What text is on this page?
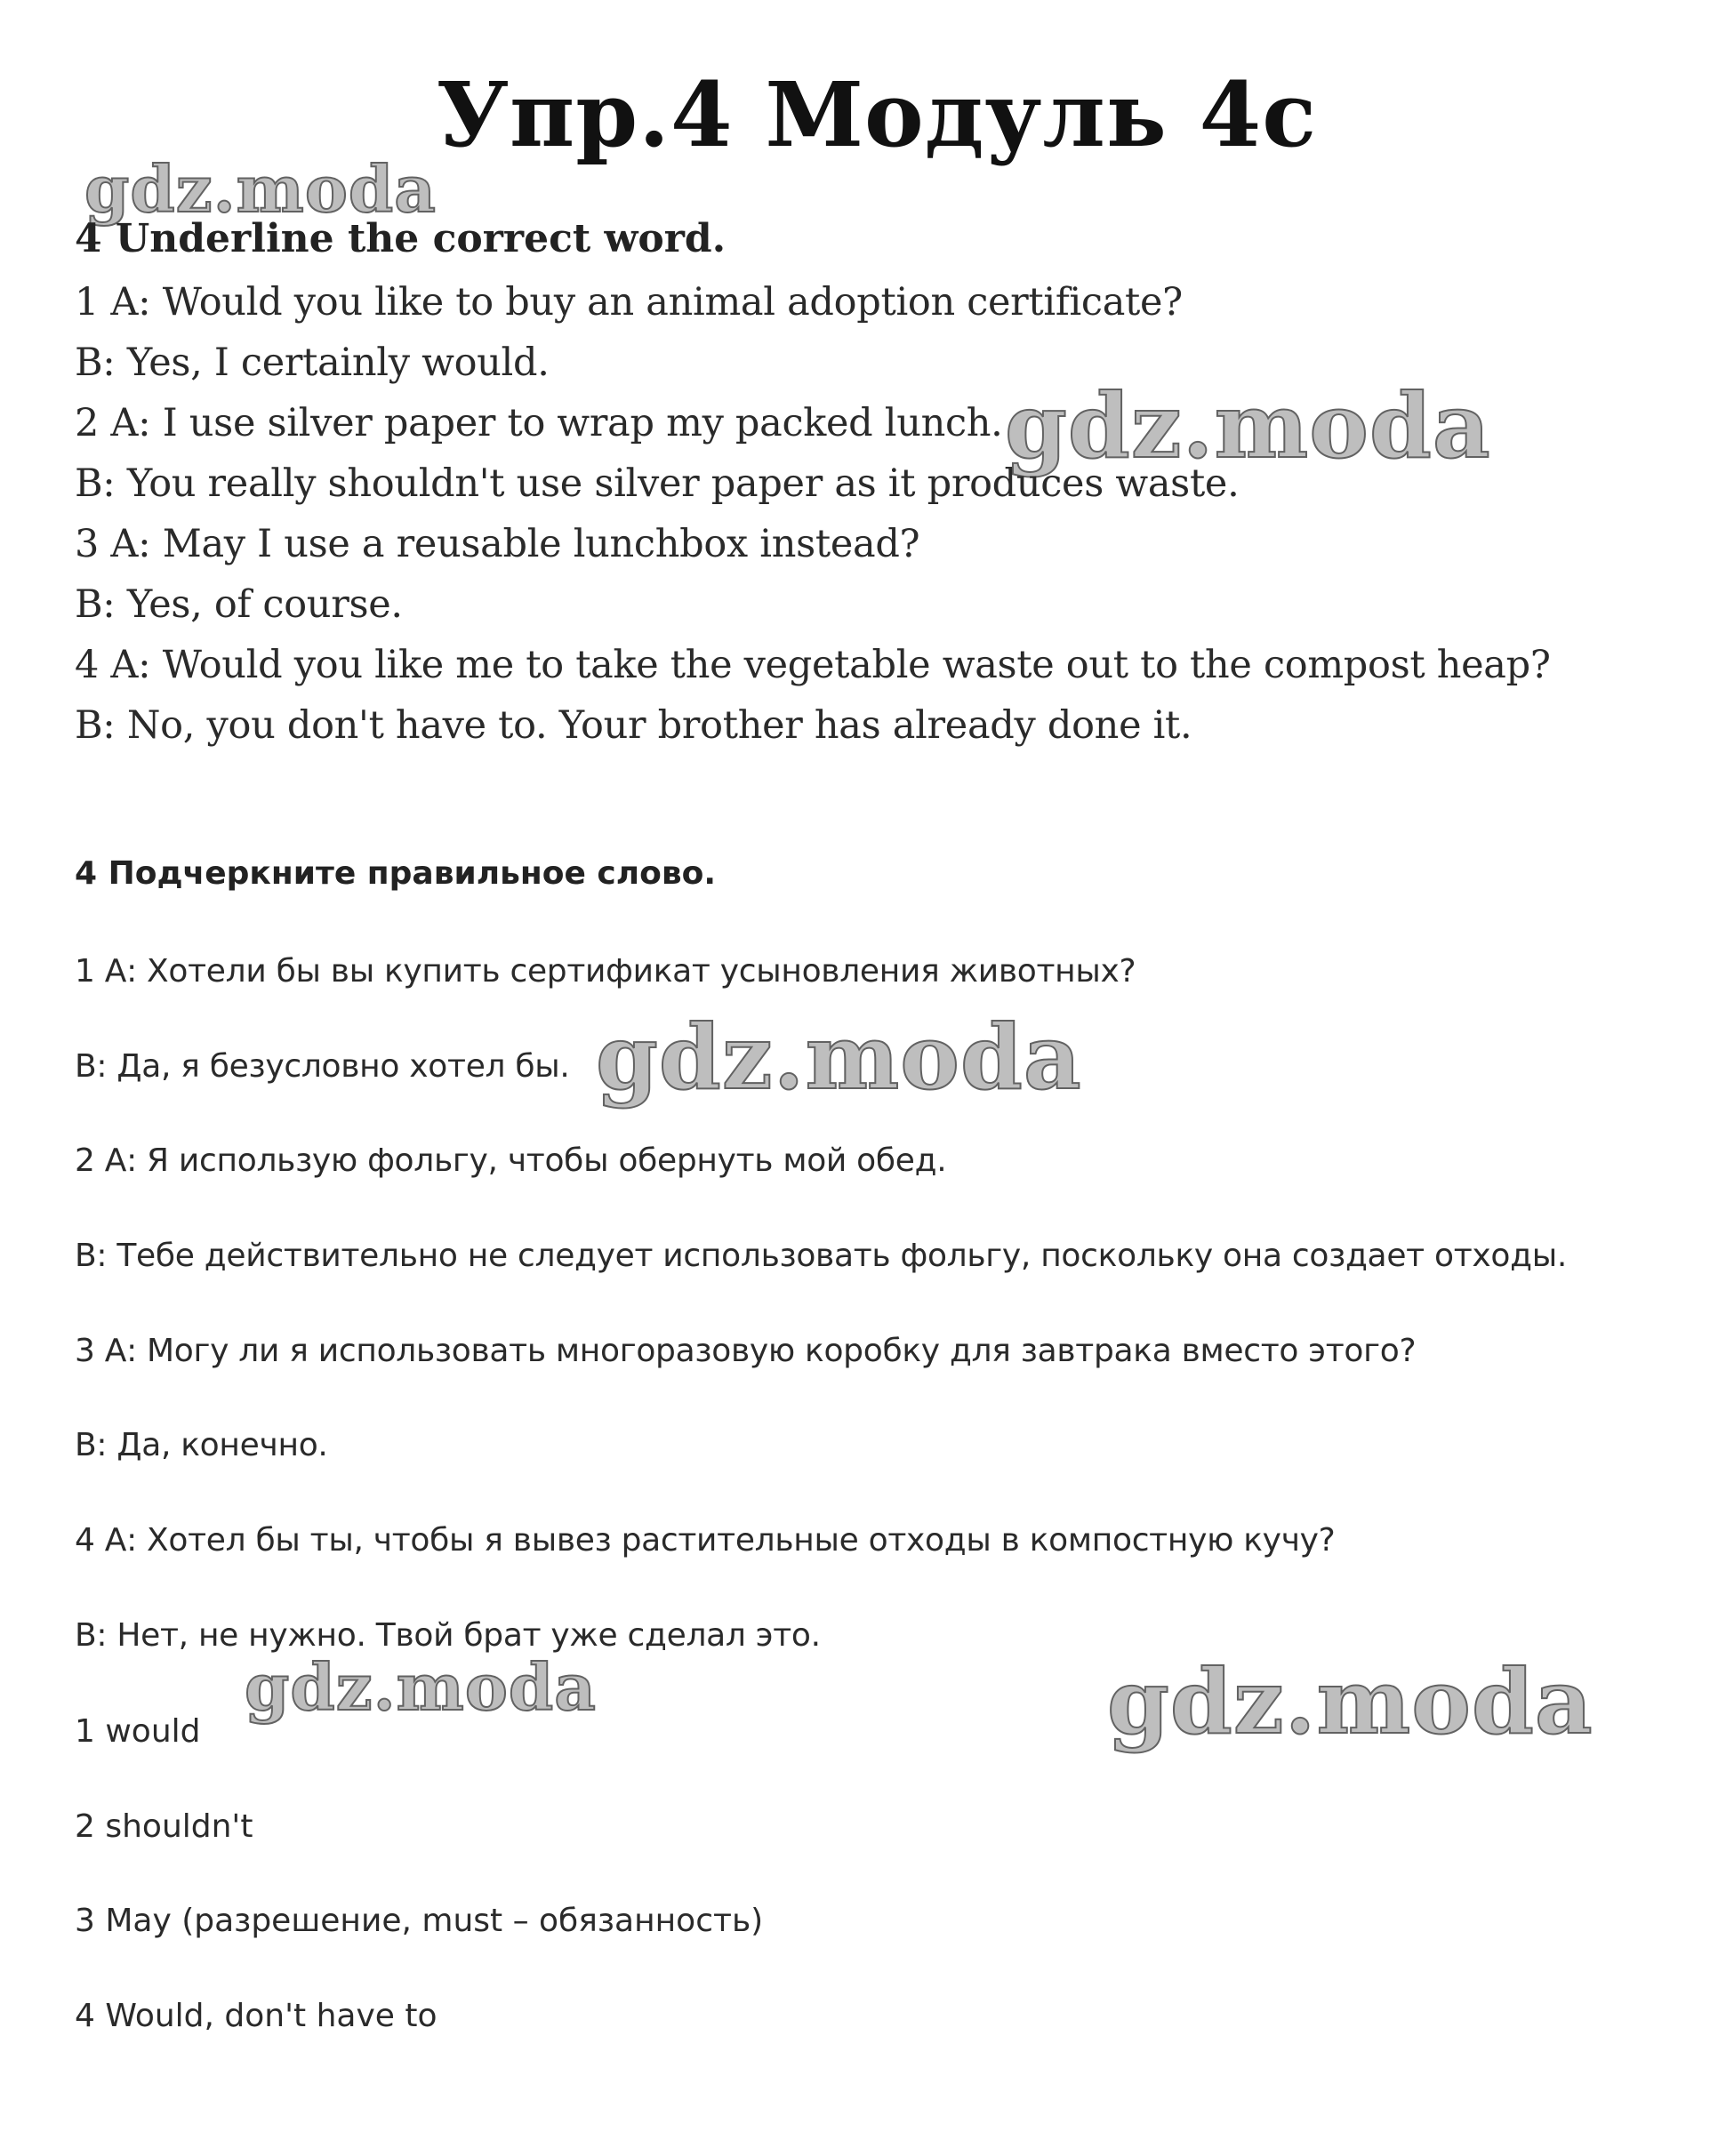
Упр.4 Модуль 4c
gdz.moda
gdz.moda
gdz.moda
gdz.moda	gdz.moda
4 Underline the correct word.
1 A: Would you like to buy an animal adoption certificate?
B: Yes, I certainly would.
2 A: I use silver paper to wrap my packed lunch.
B: You really shouldn't use silver paper as it produces waste.
3 A: May I use a reusable lunchbox instead?
B: Yes, of course.
4 A: Would you like me to take the vegetable waste out to the compost heap?
B: No, you don't have to. Your brother has already done it.
4 Подчеркните правильное слово.
1 А: Хотели бы вы купить сертификат усыновления животных?
В: Да, я безусловно хотел бы.
2 А: Я использую фольгу, чтобы обернуть мой обед.
В: Тебе действительно не следует использовать фольгу, поскольку она создает отходы.
3 А: Могу ли я использовать многоразовую коробку для завтрака вместо этого?
В: Да, конечно.
4 А: Хотел бы ты, чтобы я вывез растительные отходы в компостную кучу?
В: Нет, не нужно. Твой брат уже сделал это.
1 would
2 shouldn't
3 May (разрешение, must – обязанность)
4 Would, don't have to
